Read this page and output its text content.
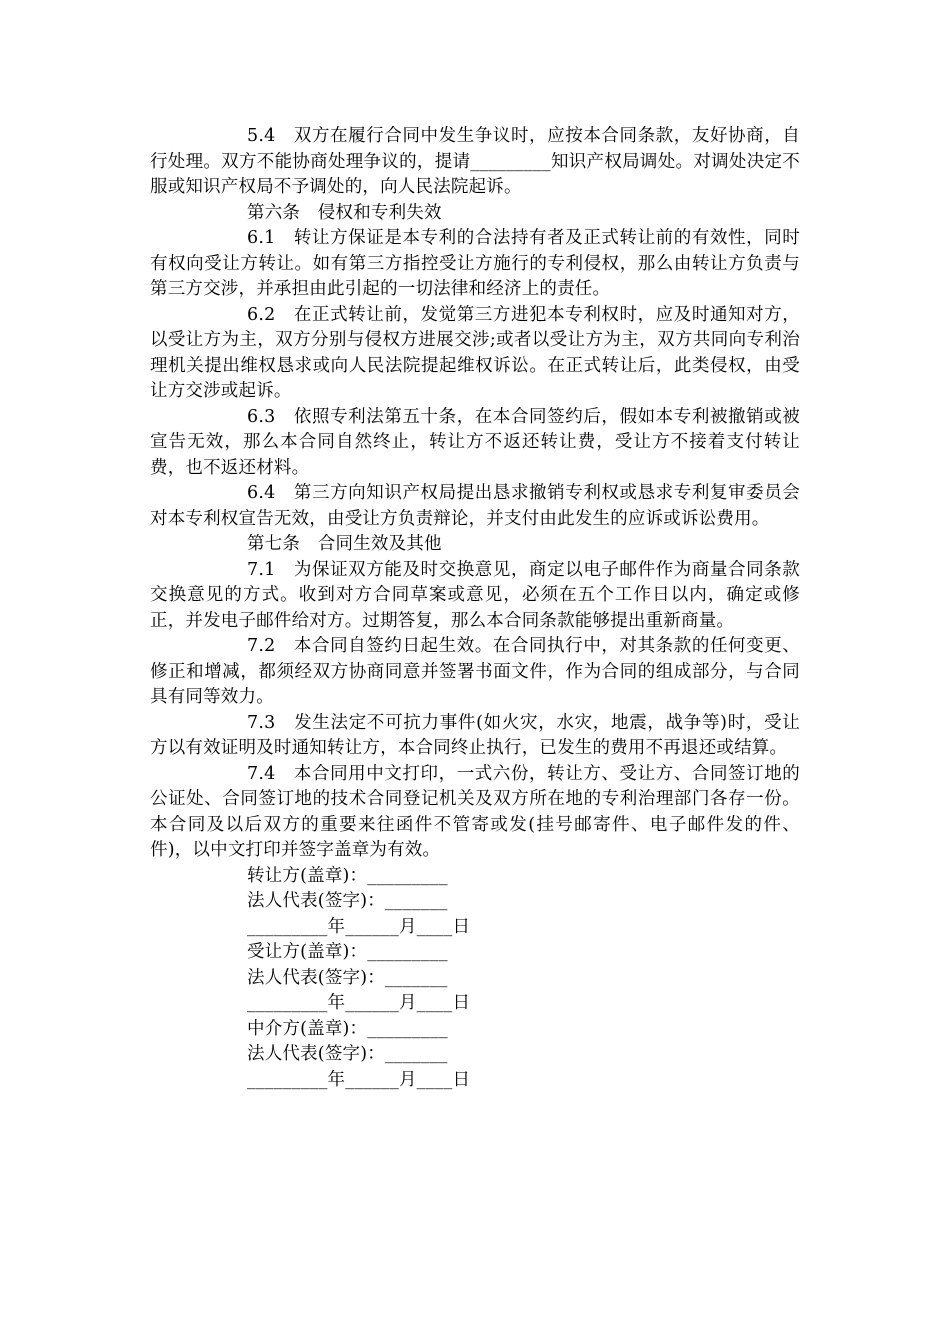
5.4　双方在履行合同中发生争议时，应按本合同条款，友好协商，自行处理。双方不能协商处理争议的，提请_________知识产权局调处。对调处决定不服或知识产权局不予调处的，向人民法院起诉。

第六条　侵权和专利失效

6.1　转让方保证是本专利的合法持有者及正式转让前的有效性，同时有权向受让方转让。如有第三方指控受让方施行的专利侵权，那么由转让方负责与第三方交涉，并承担由此引起的一切法律和经济上的责任。

6.2　在正式转让前，发觉第三方进犯本专利权时，应及时通知对方，以受让方为主，双方分别与侵权方进展交涉;或者以受让方为主，双方共同向专利治理机关提出维权恳求或向人民法院提起维权诉讼。在正式转让后，此类侵权，由受让方交涉或起诉。

6.3　依照专利法第五十条，在本合同签约后，假如本专利被撤销或被宣告无效，那么本合同自然终止，转让方不返还转让费，受让方不接着支付转让费，也不返还材料。

6.4　第三方向知识产权局提出恳求撤销专利权或恳求专利复审委员会对本专利权宣告无效，由受让方负责辩论，并支付由此发生的应诉或诉讼费用。

第七条　合同生效及其他

7.1　为保证双方能及时交换意见，商定以电子邮件作为商量合同条款交换意见的方式。收到对方合同草案或意见，必须在五个工作日以内，确定或修正，并发电子邮件给对方。过期答复，那么本合同条款能够提出重新商量。

7.2　本合同自签约日起生效。在合同执行中，对其条款的任何变更、修正和增减，都须经双方协商同意并签署书面文件，作为合同的组成部分，与合同具有同等效力。

7.3　发生法定不可抗力事件(如火灾，水灾，地震，战争等)时，受让方以有效证明及时通知转让方，本合同终止执行，已发生的费用不再退还或结算。

7.4　本合同用中文打印，一式六份，转让方、受让方、合同签订地的公证处、合同签订地的技术合同登记机关及双方所在地的专利治理部门各存一份。本合同及以后双方的重要来往函件不管寄或发(挂号邮寄件、电子邮件发的件、件)，以中文打印并签字盖章为有效。

转让方(盖章)：_________

法人代表(签字)：_______

_________年______月____日

受让方(盖章)：_________

法人代表(签字)：_______

_________年______月____日

中介方(盖章)：_________

法人代表(签字)：_______

_________年______月____日
